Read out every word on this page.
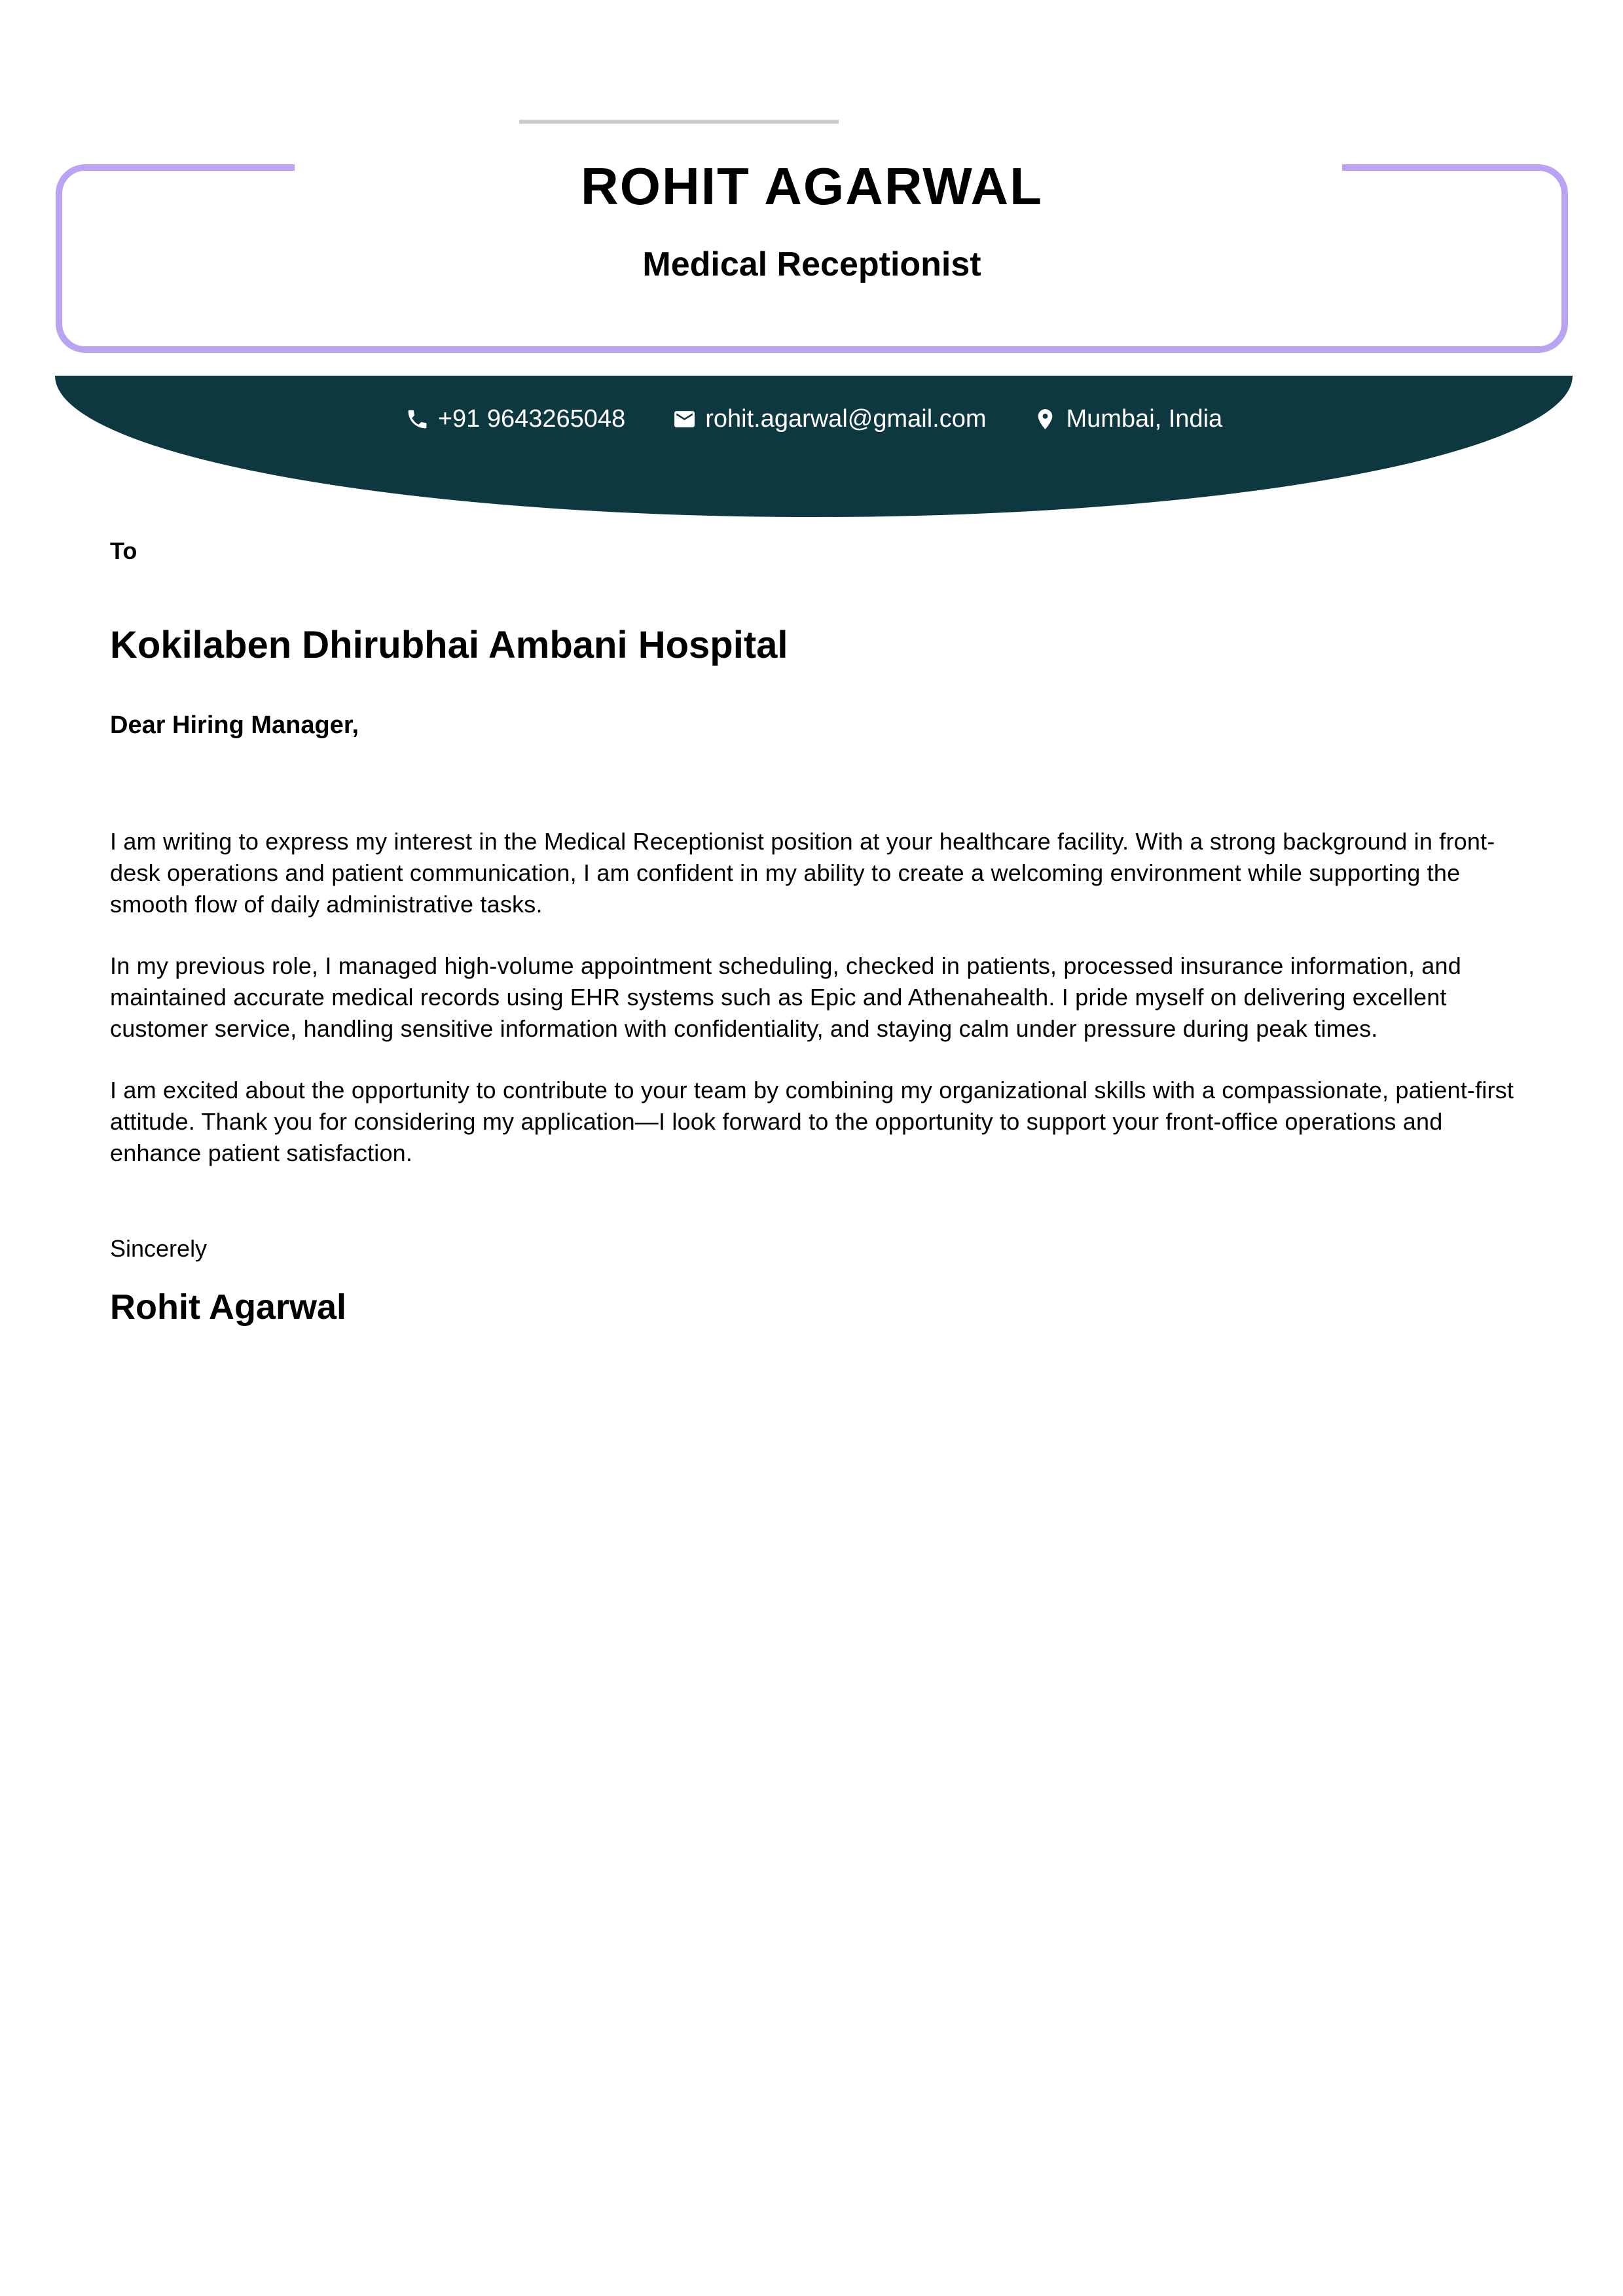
ROHIT AGARWAL
Medical Receptionist
+91 9643265048	rohit.agarwal@gmail.com	Mumbai, India
To
Kokilaben Dhirubhai Ambani Hospital
Dear Hiring Manager,

I am writing to express my interest in the Medical Receptionist position at your healthcare facility. With a strong background in front-desk operations and patient communication, I am confident in my ability to create a welcoming environment while supporting the smooth flow of daily administrative tasks.

In my previous role, I managed high-volume appointment scheduling, checked in patients, processed insurance information, and maintained accurate medical records using EHR systems such as Epic and Athenahealth. I pride myself on delivering excellent customer service, handling sensitive information with confidentiality, and staying calm under pressure during peak times.

I am excited about the opportunity to contribute to your team by combining my organizational skills with a compassionate, patient-first attitude. Thank you for considering my application—I look forward to the opportunity to support your front-office operations and enhance patient satisfaction.

Sincerely
Rohit Agarwal
